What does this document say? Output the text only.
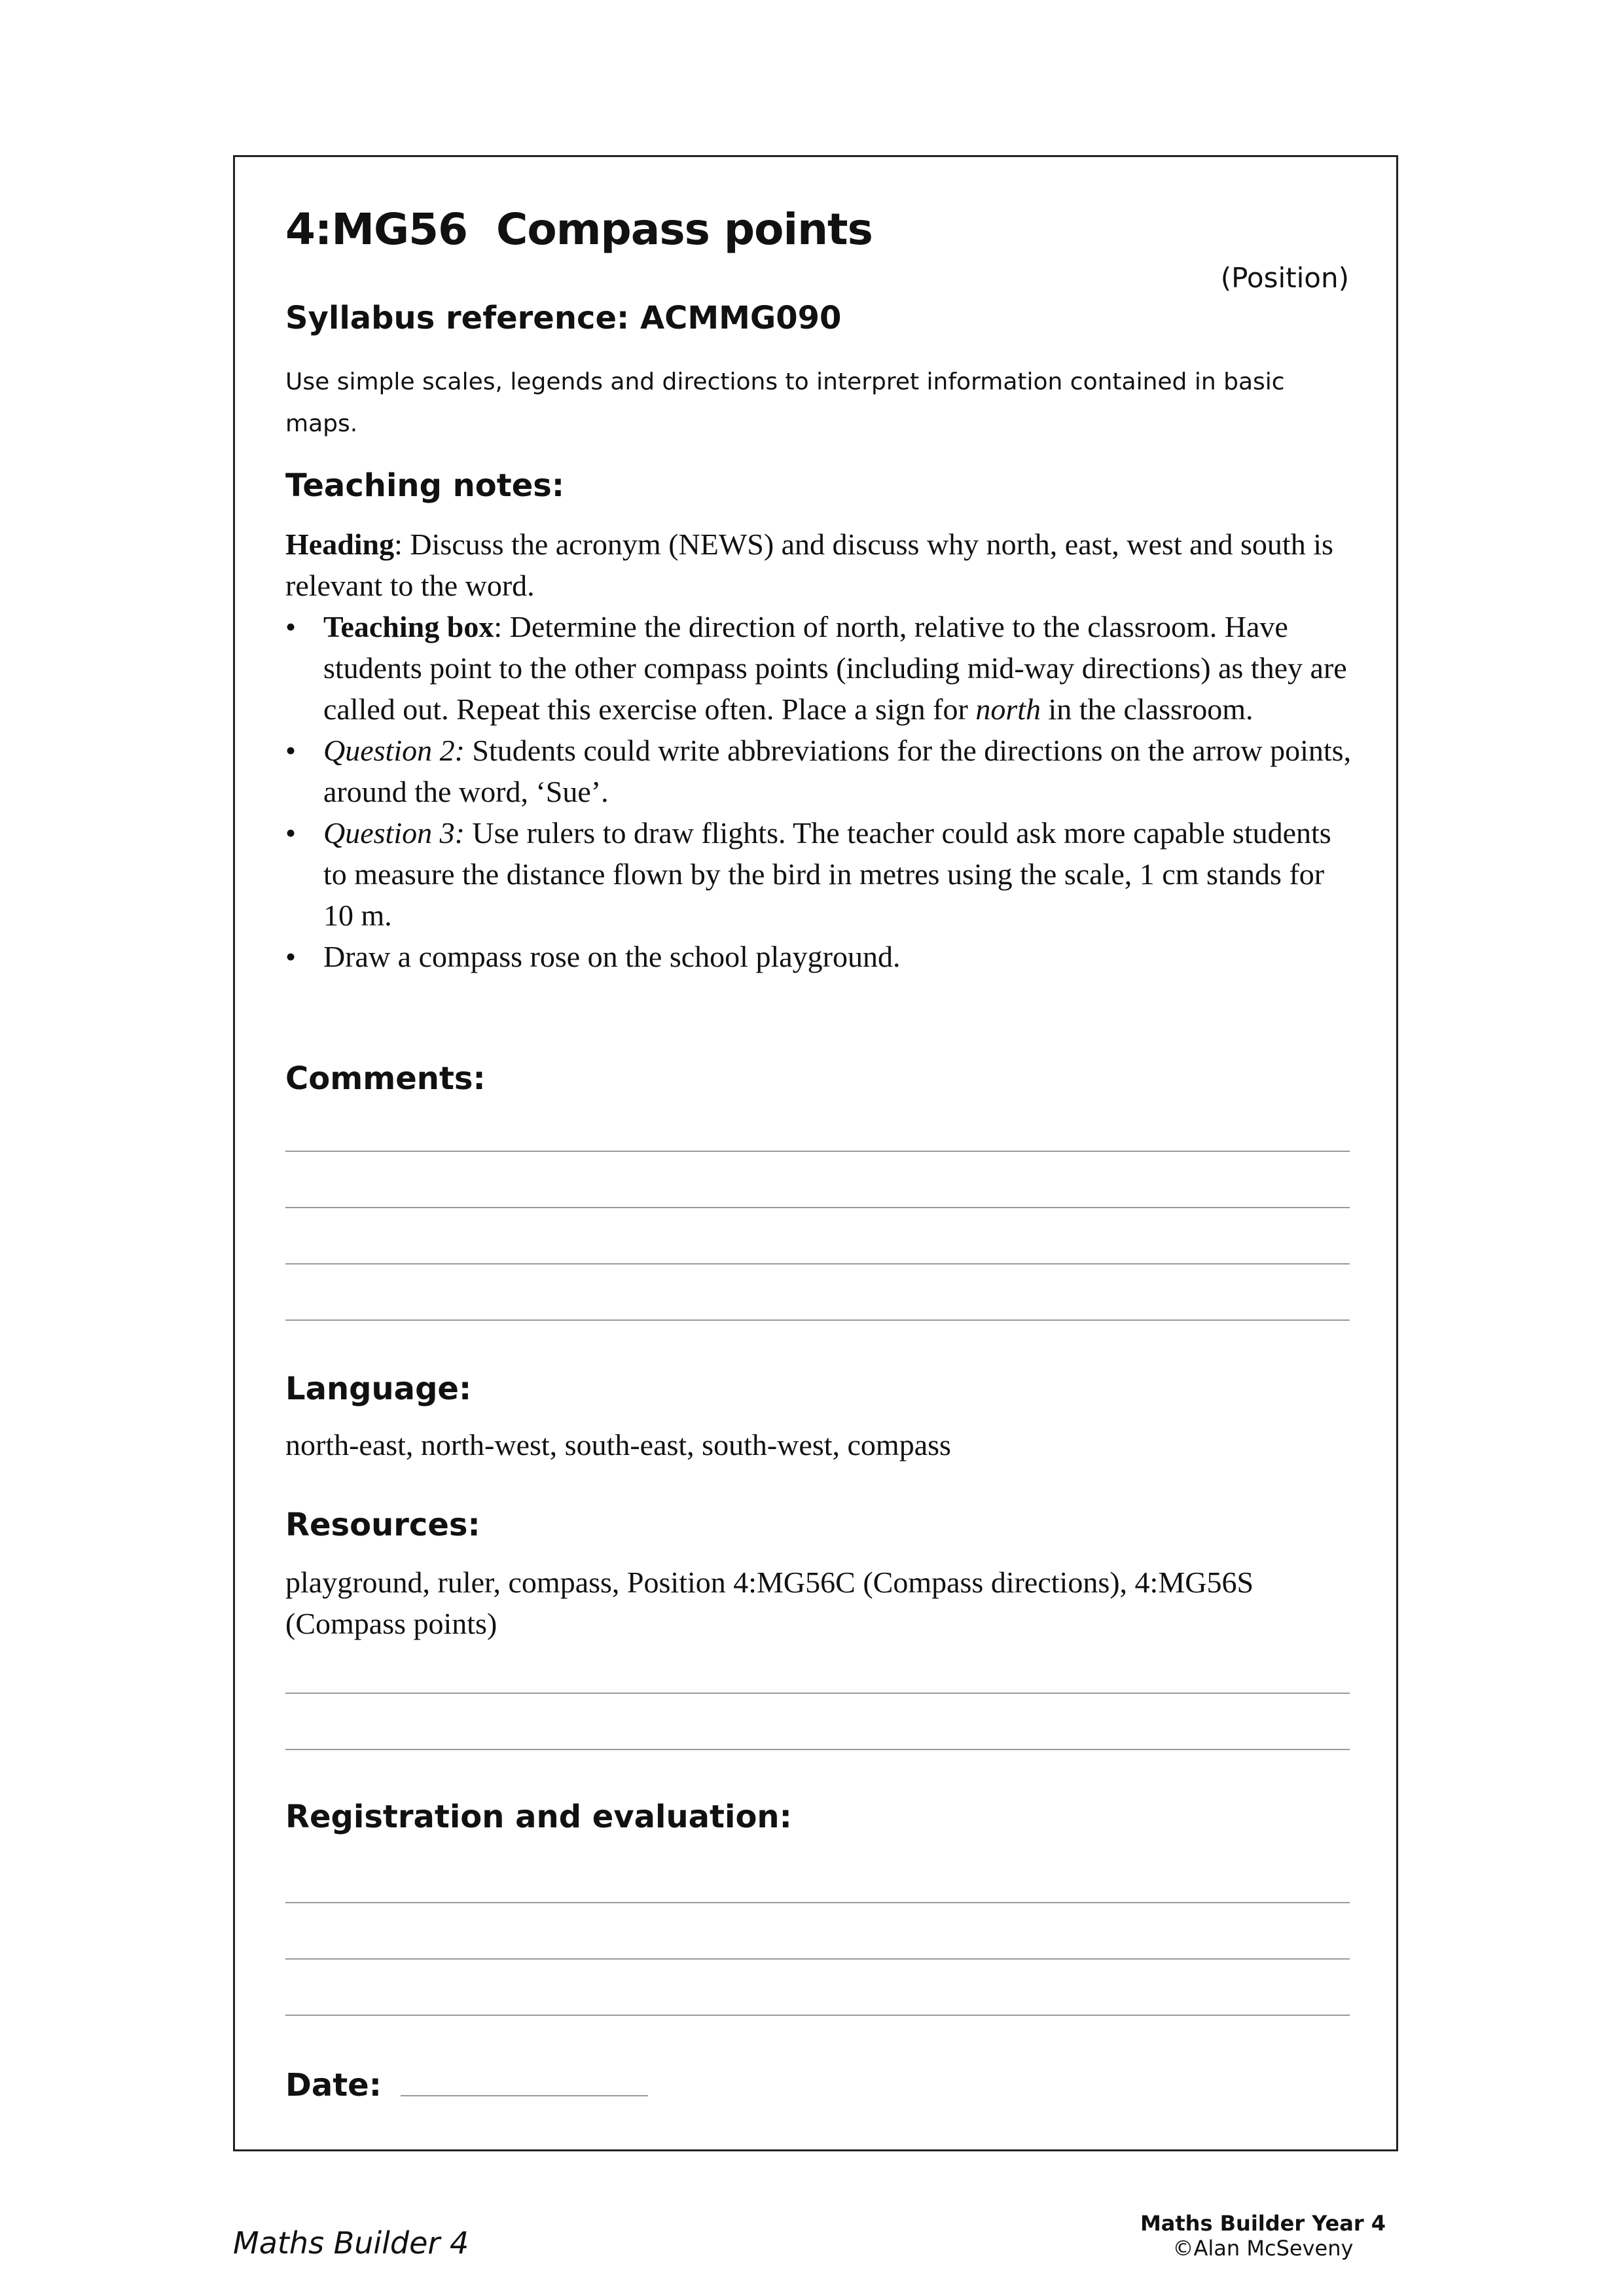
4:MG56 Compass points
(Position)
Syllabus reference: ACMMG090
Use simple scales, legends and directions to interpret information contained in basic maps.
Teaching notes:
Heading: Discuss the acronym (NEWS) and discuss why north, east, west and south is relevant to the word.
• Teaching box: Determine the direction of north, relative to the classroom. Have students point to the other compass points (including mid-way directions) as they are called out. Repeat this exercise often. Place a sign for north in the classroom.
• Question 2: Students could write abbreviations for the directions on the arrow points, around the word, ‘Sue’.
• Question 3: Use rulers to draw flights. The teacher could ask more capable students to measure the distance flown by the bird in metres using the scale, 1 cm stands for 10 m.
• Draw a compass rose on the school playground.
Comments:
Language:
north-east, north-west, south-east, south-west, compass
Resources:
playground, ruler, compass, Position 4:MG56C (Compass directions), 4:MG56S (Compass points)
Registration and evaluation:
Date:
Maths Builder 4
Maths Builder Year 4
©Alan McSeveny
